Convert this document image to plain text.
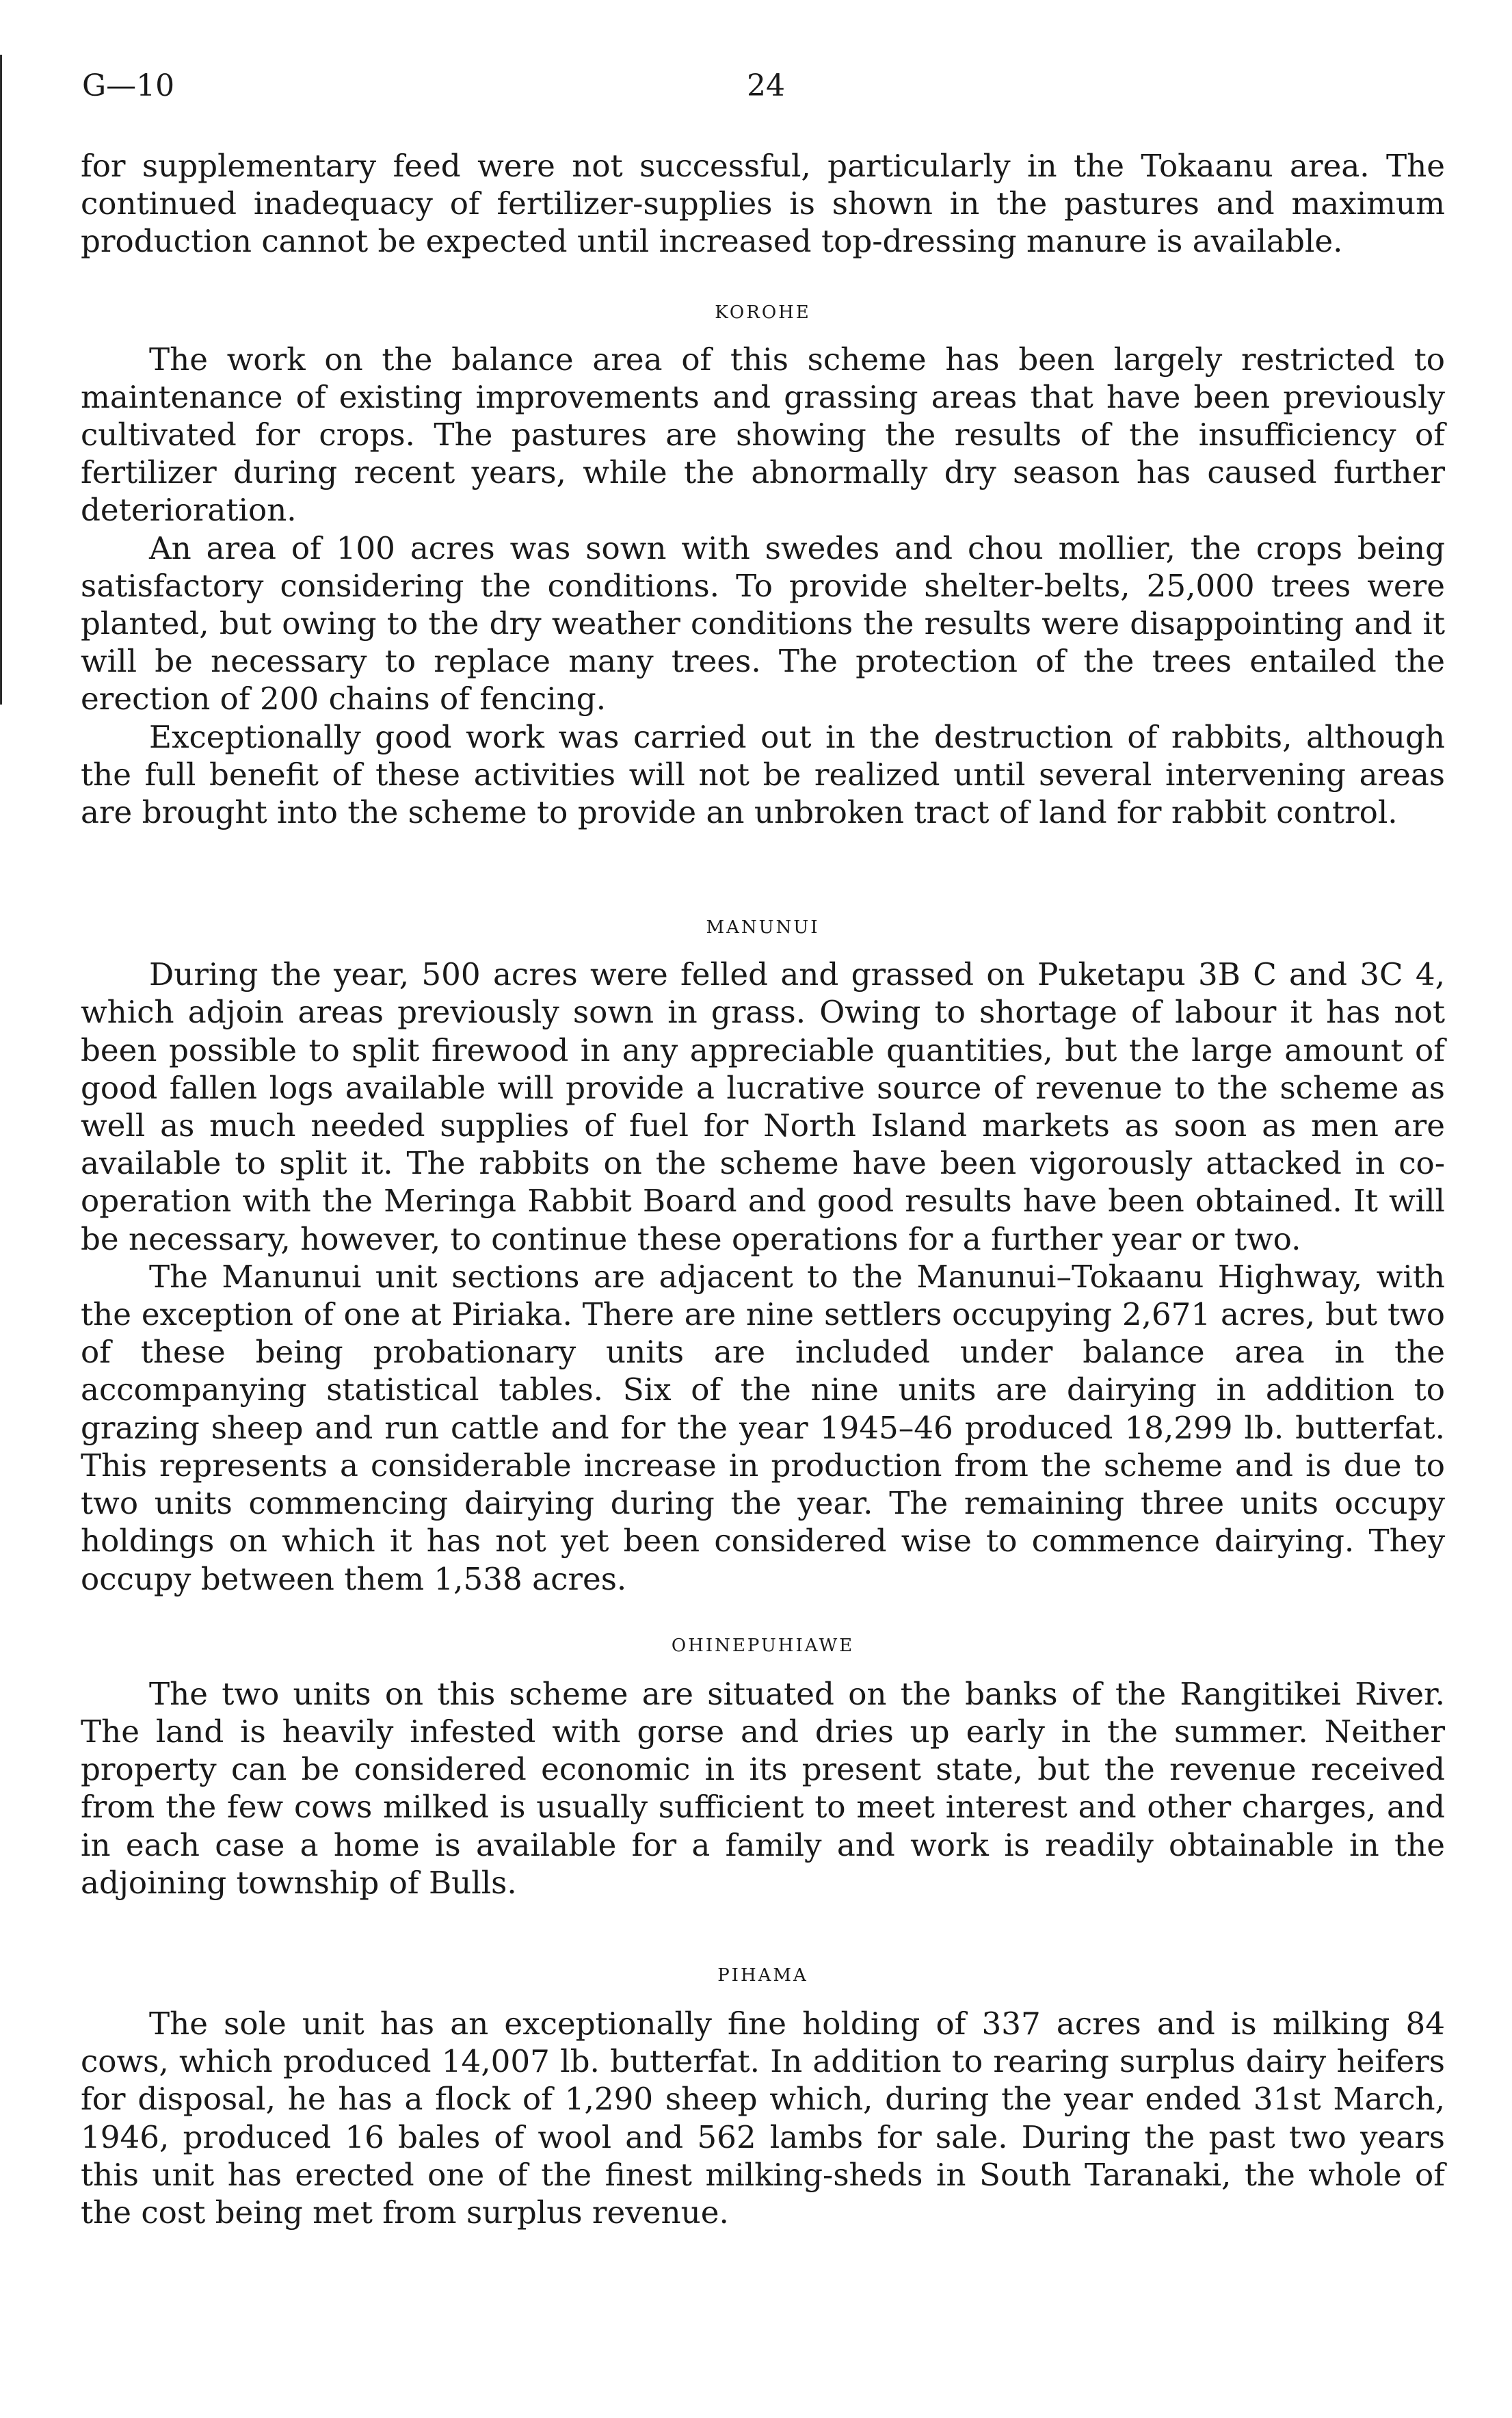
24
G—10

for supplementary feed were not successful, particularly in the Tokaanu area. The continued inadequacy of fertilizer-supplies is shown in the pastures and maximum production cannot be expected until increased top-dressing manure is available.

korohe

The work on the balance area of this scheme has been largely restricted to maintenance of existing improvements and grassing areas that have been previously cultivated for crops. The pastures are showing the results of the insufficiency of fertilizer during recent years, while the abnormally dry season has caused further deterioration.

An area of 100 acres was sown with swedes and chou mollier, the crops being satisfactory considering the conditions. To provide shelter-belts, 25,000 trees were planted, but owing to the dry weather conditions the results were disappointing and it will be necessary to replace many trees. The protection of the trees entailed the erection of 200 chains of fencing.

Exceptionally good work was carried out in the destruction of rabbits, although the full benefit of these activities will not be realized until several intervening areas are brought into the scheme to provide an unbroken tract of land for rabbit control.

manunui

During the year, 500 acres were felled and grassed on Puketapu 3B C and 3C 4, which adjoin areas previously sown in grass. Owing to shortage of labour it has not been possible to split firewood in any appreciable quantities, but the large amount of good fallen logs available will provide a lucrative source of revenue to the scheme as well as much needed supplies of fuel for North Island markets as soon as men are available to split it. The rabbits on the scheme have been vigorously attacked in co-operation with the Meringa Rabbit Board and good results have been obtained. It will be necessary, however, to continue these operations for a further year or two.

The Manunui unit sections are adjacent to the Manunui–Tokaanu Highway, with the exception of one at Piriaka. There are nine settlers occupying 2,671 acres, but two of these being probationary units are included under balance area in the accompanying statistical tables. Six of the nine units are dairying in addition to grazing sheep and run cattle and for the year 1945–46 produced 18,299 lb. butterfat. This represents a considerable increase in production from the scheme and is due to two units commencing dairying during the year. The remaining three units occupy holdings on which it has not yet been considered wise to commence dairying. They occupy between them 1,538 acres.

ohinepuhiawe

The two units on this scheme are situated on the banks of the Rangitikei River. The land is heavily infested with gorse and dries up early in the summer. Neither property can be considered economic in its present state, but the revenue received from the few cows milked is usually sufficient to meet interest and other charges, and in each case a home is available for a family and work is readily obtainable in the adjoining township of Bulls.

pihama

The sole unit has an exceptionally fine holding of 337 acres and is milking 84 cows, which produced 14,007 lb. butterfat. In addition to rearing surplus dairy heifers for disposal, he has a flock of 1,290 sheep which, during the year ended 31st March, 1946, produced 16 bales of wool and 562 lambs for sale. During the past two years this unit has erected one of the finest milking-sheds in South Taranaki, the whole of the cost being met from surplus revenue.
